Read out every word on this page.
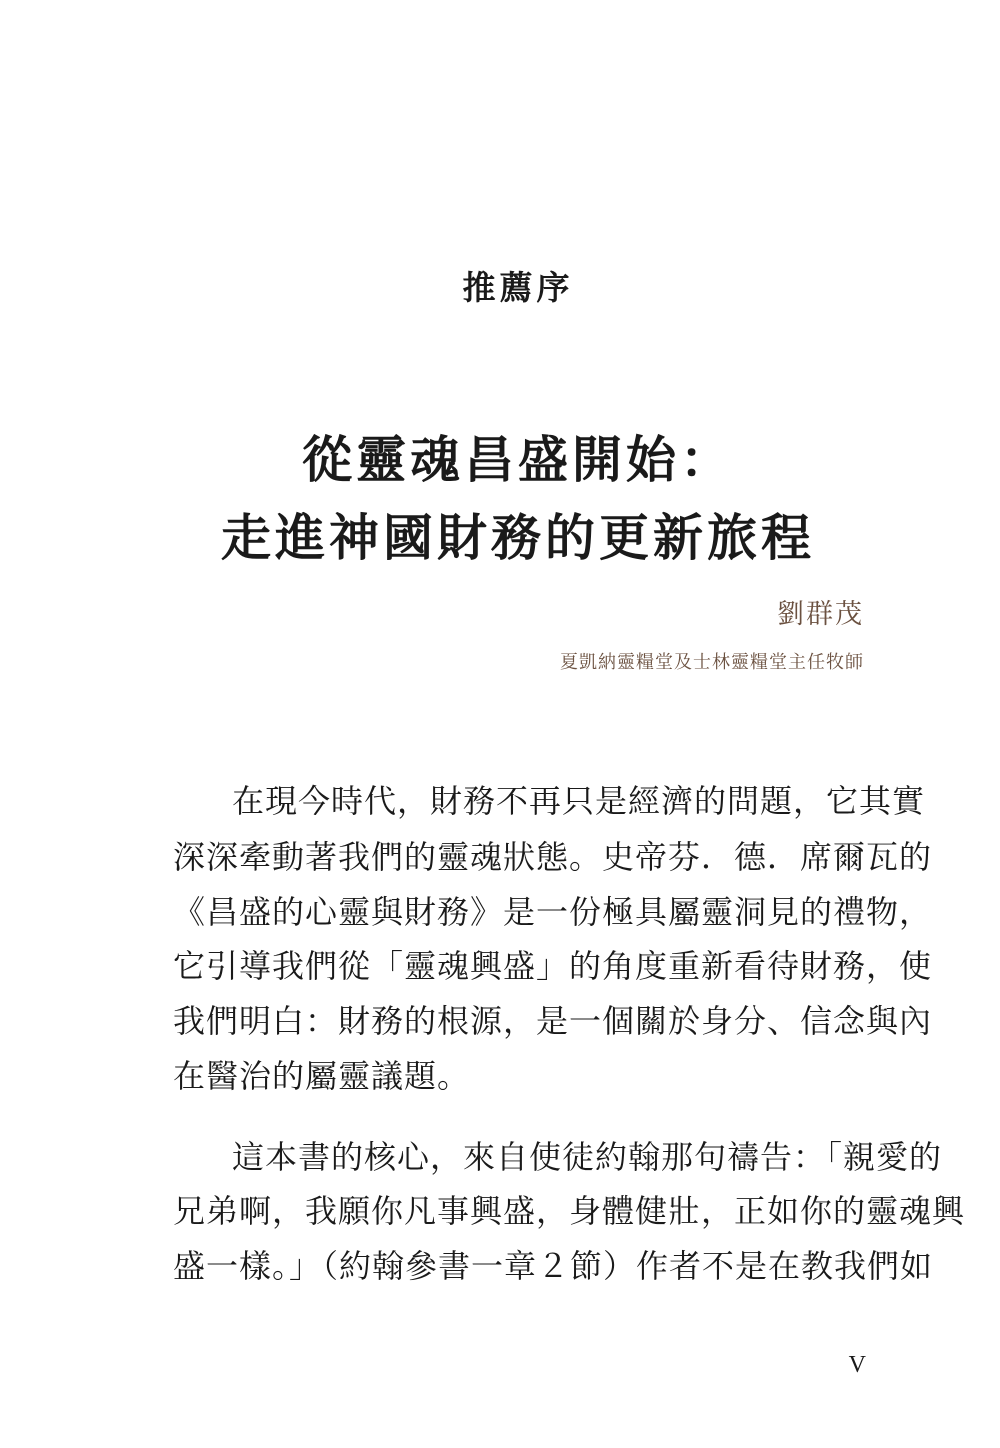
推薦序
從靈魂昌盛開始：
走進神國財務的更新旅程
劉群茂
夏凱納靈糧堂及士林靈糧堂主任牧師
在現今時代，財務不再只是經濟的問題，它其實
深深牽動著我們的靈魂狀態。史帝芬．德．席爾瓦的
《昌盛的心靈與財務》是一份極具屬靈洞見的禮物，
它引導我們從「靈魂興盛」的角度重新看待財務，使
我們明白：財務的根源，是一個關於身分、信念與內
在醫治的屬靈議題。
這本書的核心，來自使徒約翰那句禱告：「親愛的
兄弟啊，我願你凡事興盛，身體健壯，正如你的靈魂興
盛一樣。」（約翰參書一章２節）作者不是在教我們如
V
